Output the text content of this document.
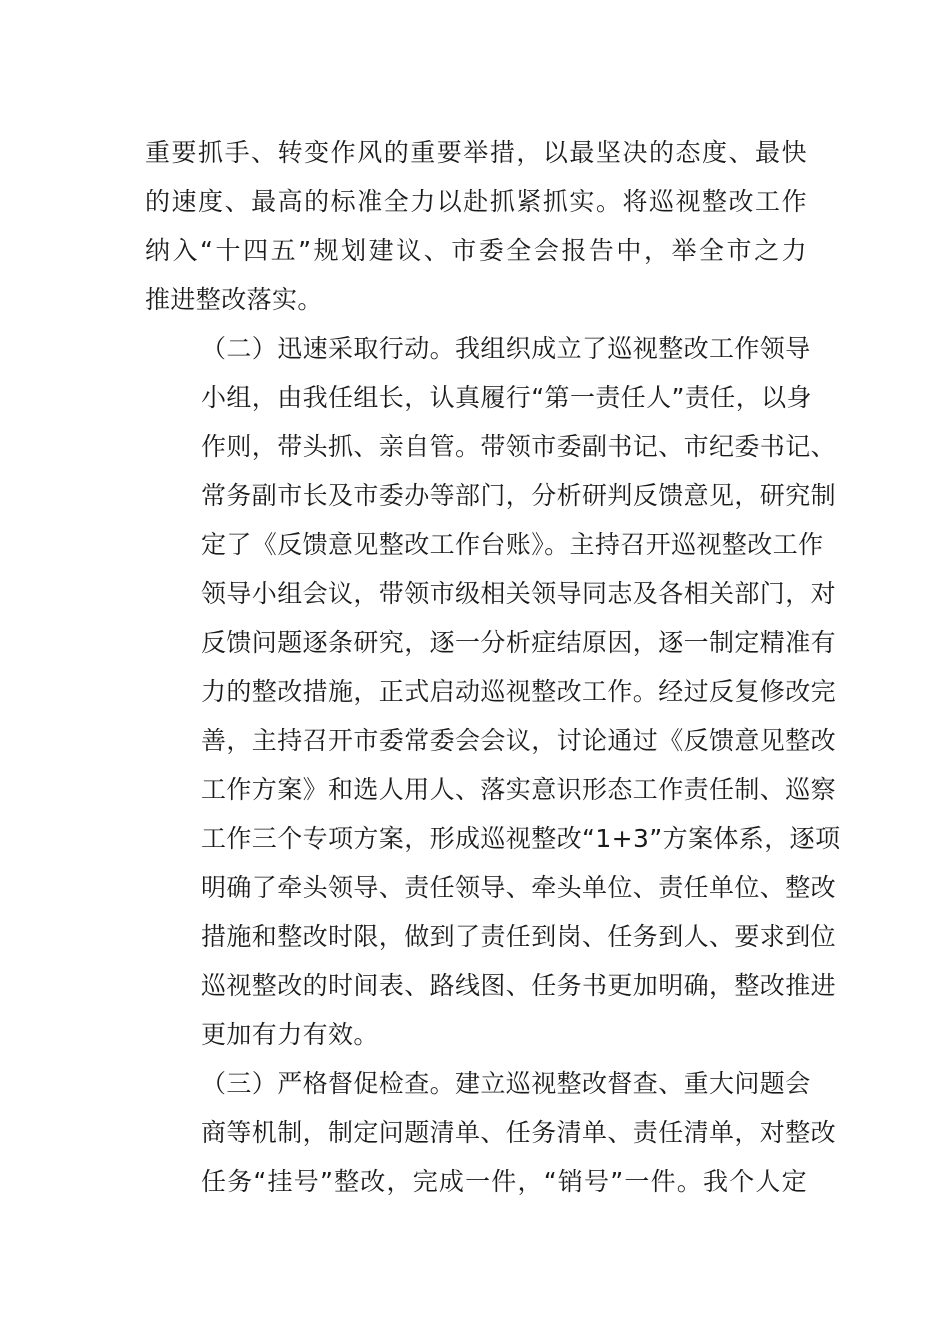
重要抓手、转变作风的重要举措，以最坚决的态度、最快
的速度、最高的标准全力以赴抓紧抓实。将巡视整改工作
纳入“十四五”规划建议、市委全会报告中，举全市之力
推进整改落实。

（二）迅速采取行动。我组织成立了巡视整改工作领导
小组，由我任组长，认真履行“第一责任人”责任，以身
作则，带头抓、亲自管。带领市委副书记、市纪委书记、
常务副市长及市委办等部门，分析研判反馈意见，研究制
定了《反馈意见整改工作台账》。主持召开巡视整改工作
领导小组会议，带领市级相关领导同志及各相关部门，对
反馈问题逐条研究，逐一分析症结原因，逐一制定精准有
力的整改措施，正式启动巡视整改工作。经过反复修改完
善，主持召开市委常委会会议，讨论通过《反馈意见整改
工作方案》和选人用人、落实意识形态工作责任制、巡察
工作三个专项方案，形成巡视整改“1+3”方案体系，逐项
明确了牵头领导、责任领导、牵头单位、责任单位、整改
措施和整改时限，做到了责任到岗、任务到人、要求到位
巡视整改的时间表、路线图、任务书更加明确，整改推进
更加有力有效。

（三）严格督促检查。建立巡视整改督查、重大问题会
商等机制，制定问题清单、任务清单、责任清单，对整改
任务“挂号”整改，完成一件，“销号”一件。我个人定
